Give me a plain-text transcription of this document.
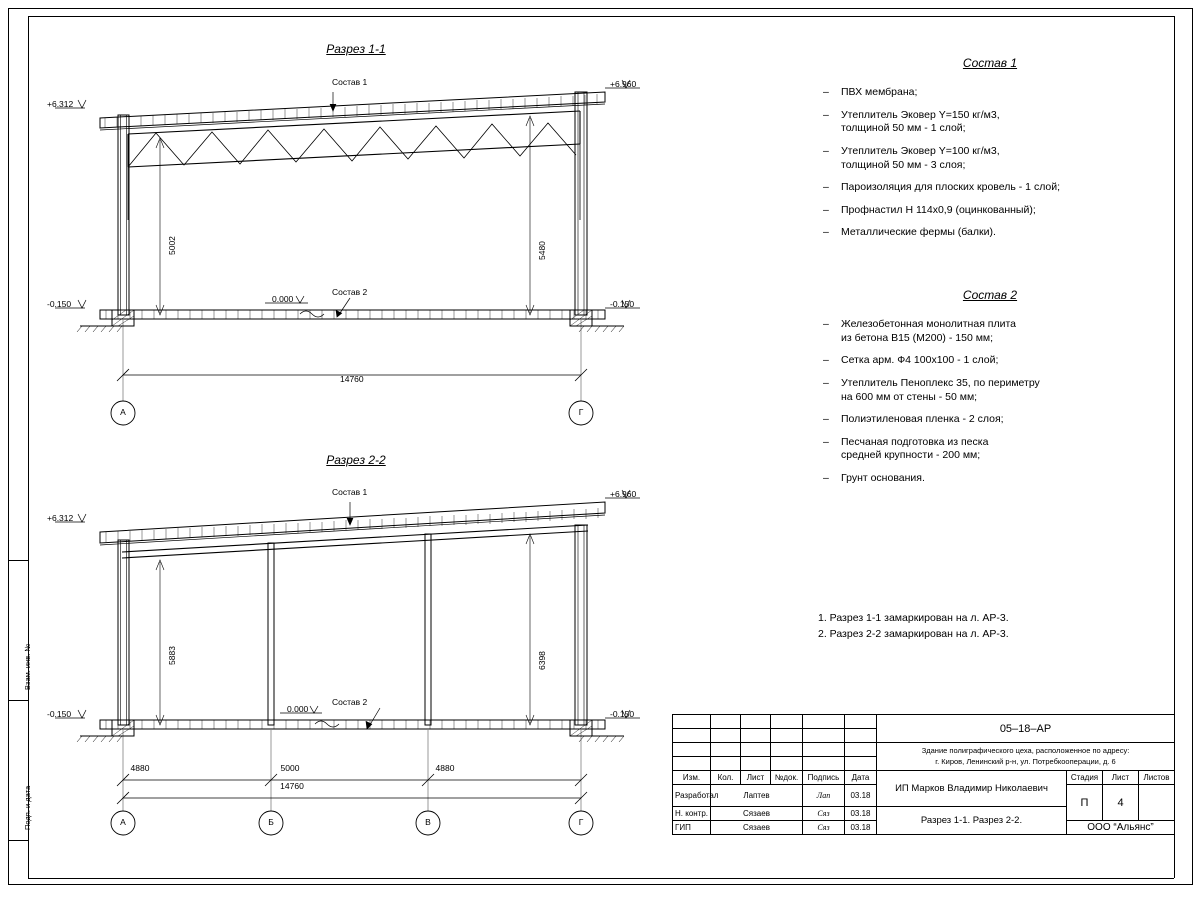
Взам. инв. №
Подп. и дата
Разрез 1-1
+6.312
+6.960
-0.150	-0.150
0.000
Состав 1
Состав 2
5002	5480
14760
А	Г
Разрез 2-2
+6.312
+6.960
-0.150	-0.150
0.000
Состав 1
Состав 2
5883	6398
4880	5000	4880
14760
А	Б	В	Г
Состав 1
– ПВХ мембрана;
– Утеплитель Эковер Y=150 кг/м3,
толщиной 50 мм - 1 слой;
– Утеплитель Эковер Y=100 кг/м3,
толщиной 50 мм - 3 слоя;
– Пароизоляция для плоских кровель - 1 слой;
– Профнастил Н 114х0,9 (оцинкованный);
– Металлические фермы (балки).
Состав 2
– Железобетонная монолитная плита
из бетона В15 (М200) - 150 мм;
– Сетка арм. Ф4 100х100 - 1 слой;
– Утеплитель Пеноплекс 35, по периметру
на 600 мм от стены - 50 мм;
– Полиэтиленовая пленка - 2 слоя;
– Песчаная подготовка из песка
средней крупности - 200 мм;
– Грунт основания.
1. Разрез 1-1 замаркирован на л. АР-3.
2. Разрез 2-2 замаркирован на л. АР-3.
						05–18–АР			

						Здание полиграфического цеха, расположенное по адресу:
г. Киров, Ленинский р-н, ул. Потребкооперации, д. 6			

Изм.	Кол.	Лист	№док.	Подпись	Дата	ИП Марков Владимир Николаевич	Стадия	Лист	Листов
Разработал	Лаптев			Лап	03.18		П	4	
Н. контр.	Сязаев			Сяз	03.18	Разрез 1-1. Разрез 2-2.			
ГИП	Сязаев			Сяз	03.18		ООО “Альянс”		
